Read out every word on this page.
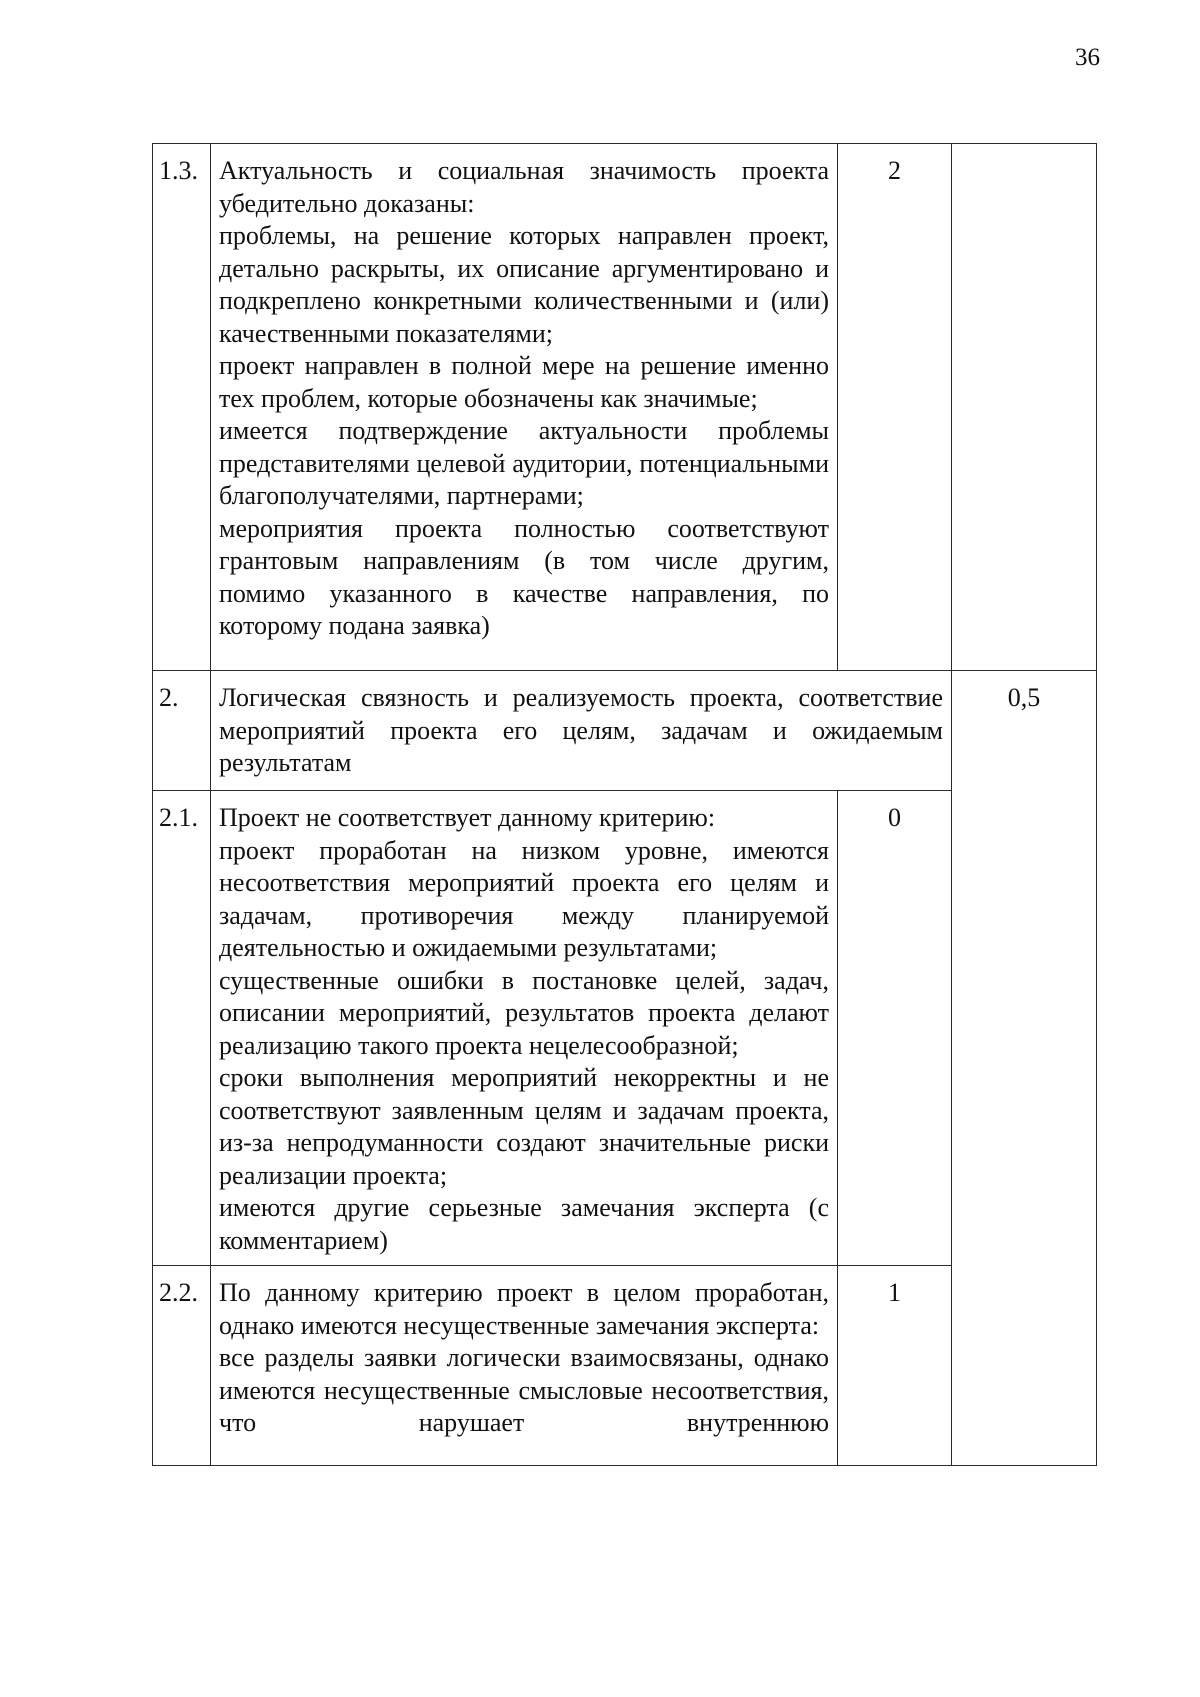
36
1.3.	Актуальность и социальная значимость проекта убедительно доказаны:
проблемы, на решение которых направлен проект, детально раскрыты, их описание аргументировано и подкреплено конкретными количественными и (или) качественными показателями;
проект направлен в полной мере на решение именно тех проблем, которые обозначены как значимые;
имеется подтверждение актуальности проблемы представителями целевой аудитории, потенциальными благополучателями, партнерами;
мероприятия проекта полностью соответствуют грантовым направлениям (в том числе другим, помимо указанного в качестве направления, по которому подана заявка)	2	
2.	Логическая связность и реализуемость проекта, соответствие мероприятий проекта его целям, задачам и ожидаемым результатам		0,5
2.1.	Проект не соответствует данному критерию:
проект проработан на низком уровне, имеются несоответствия мероприятий проекта его целям и задачам, противоречия между планируемой деятельностью и ожидаемыми результатами;
существенные ошибки в постановке целей, задач, описании мероприятий, результатов проекта делают реализацию такого проекта нецелесообразной;
сроки выполнения мероприятий некорректны и не соответствуют заявленным целям и задачам проекта, из-за непродуманности создают значительные риски реализации проекта;
имеются другие серьезные замечания эксперта (с комментарием)	0	
2.2.	По данному критерию проект в целом проработан, однако имеются несущественные замечания эксперта:
все разделы заявки логически взаимосвязаны, однако имеются несущественные смысловые несоответствия, что нарушает внутреннюю	1	
